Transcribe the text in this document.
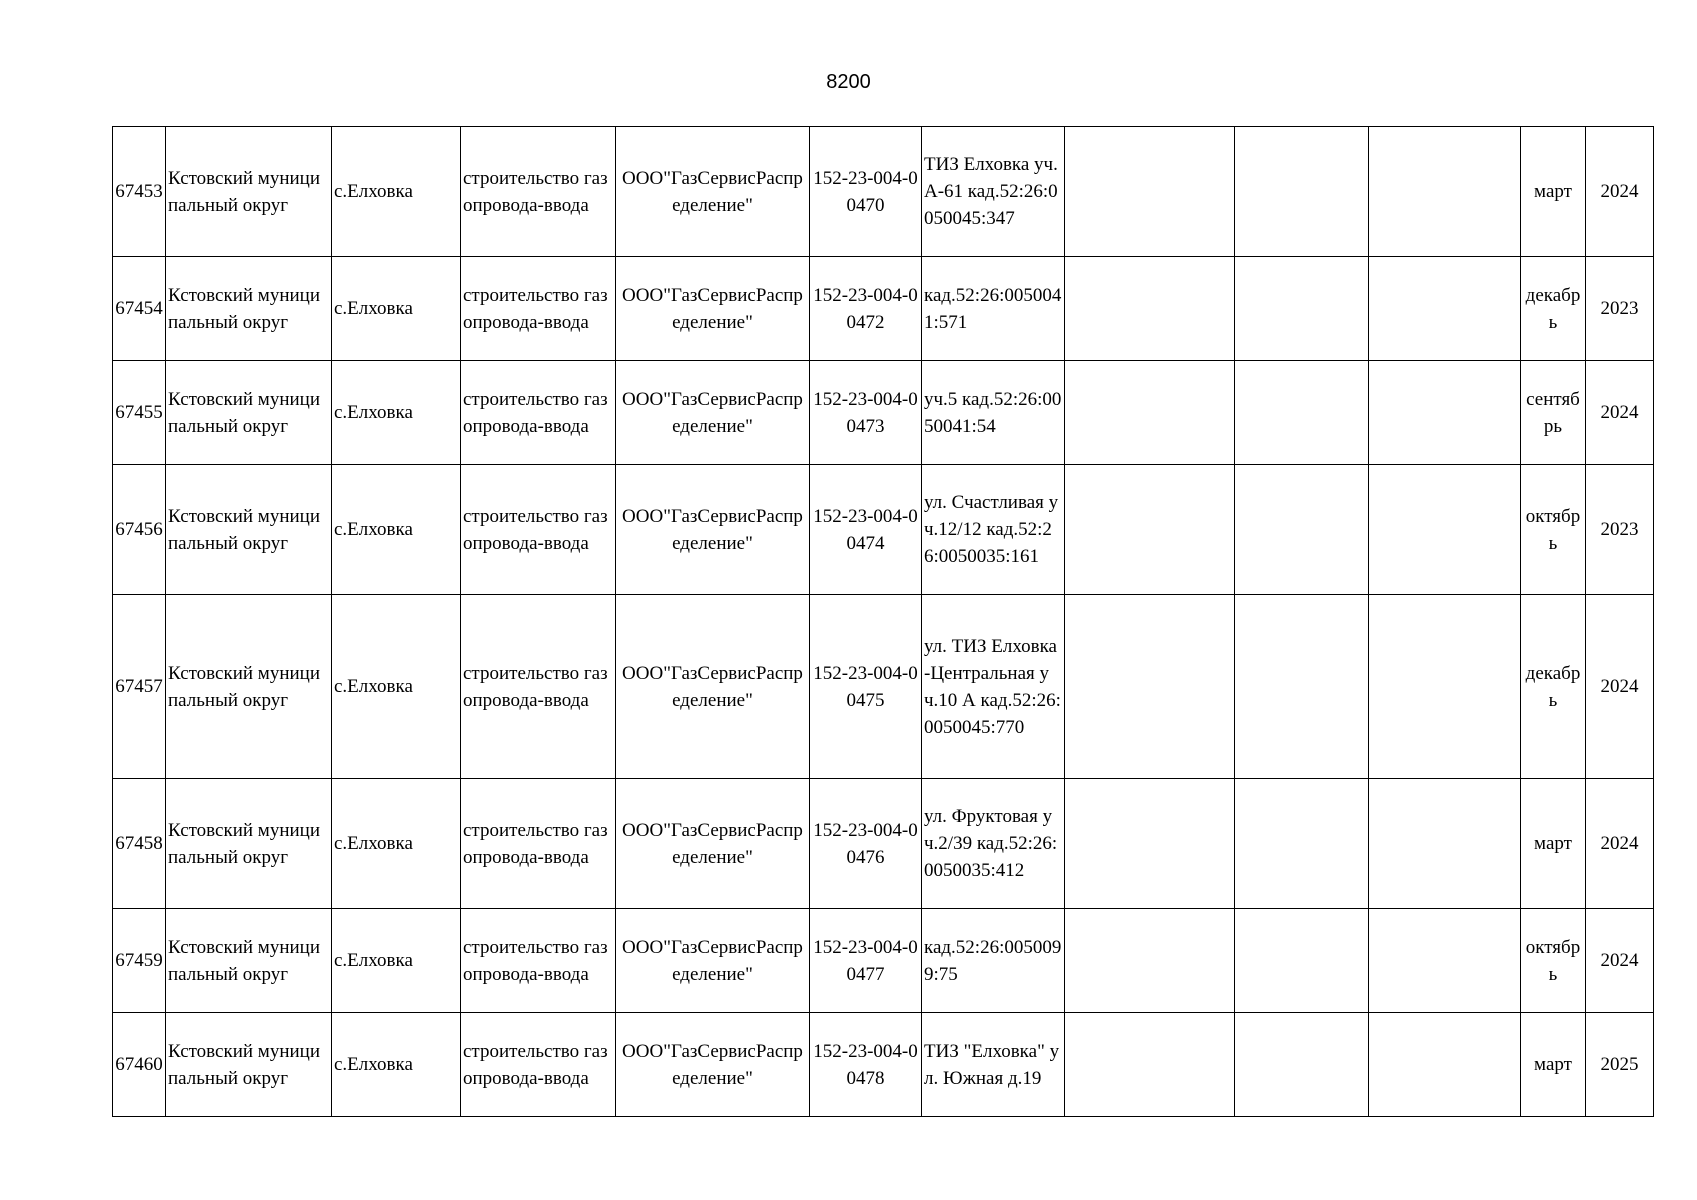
8200
67453	Кстовский муниципальный округ	с.Елховка	строительство газопровода-ввода	ООО"ГазСервисРаспределение"	152-23-004-00470	ТИЗ Елховка уч.А-61 кад.52:26:0050045:347				март	2024
67454	Кстовский муниципальный округ	с.Елховка	строительство газопровода-ввода	ООО"ГазСервисРаспределение"	152-23-004-00472	кад.52:26:0050041:571				декабрь	2023
67455	Кстовский муниципальный округ	с.Елховка	строительство газопровода-ввода	ООО"ГазСервисРаспределение"	152-23-004-00473	уч.5 кад.52:26:0050041:54				сентябрь	2024
67456	Кстовский муниципальный округ	с.Елховка	строительство газопровода-ввода	ООО"ГазСервисРаспределение"	152-23-004-00474	ул. Счастливая уч.12/12 кад.52:26:0050035:161				октябрь	2023
67457	Кстовский муниципальный округ	с.Елховка	строительство газопровода-ввода	ООО"ГазСервисРаспределение"	152-23-004-00475	ул. ТИЗ Елховка-Центральная уч.10 А кад.52:26:0050045:770				декабрь	2024
67458	Кстовский муниципальный округ	с.Елховка	строительство газопровода-ввода	ООО"ГазСервисРаспределение"	152-23-004-00476	ул. Фруктовая уч.2/39 кад.52:26:0050035:412				март	2024
67459	Кстовский муниципальный округ	с.Елховка	строительство газопровода-ввода	ООО"ГазСервисРаспределение"	152-23-004-00477	кад.52:26:0050099:75				октябрь	2024
67460	Кстовский муниципальный округ	с.Елховка	строительство газопровода-ввода	ООО"ГазСервисРаспределение"	152-23-004-00478	ТИЗ "Елховка" ул. Южная д.19				март	2025
